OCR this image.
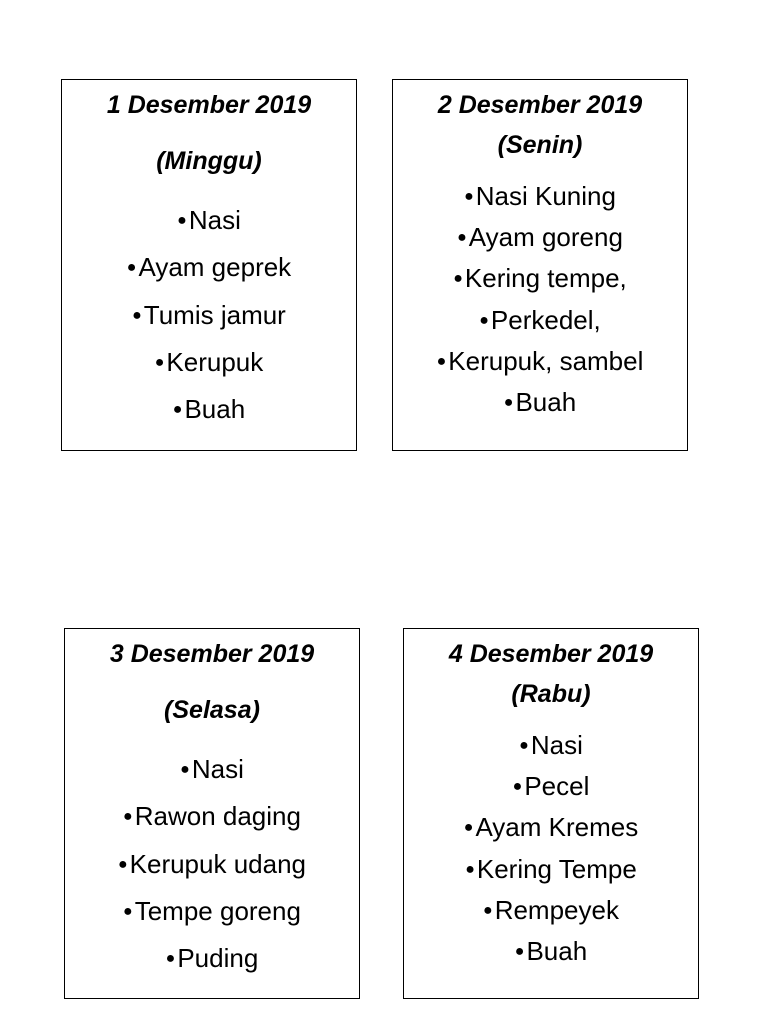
1 Desember 2019
(Minggu)
● Nasi
● Ayam geprek
● Tumis jamur
● Kerupuk
● Buah
2 Desember 2019
(Senin)
● Nasi Kuning
● Ayam goreng
● Kering tempe,
● Perkedel,
● Kerupuk, sambel
● Buah
3 Desember 2019
(Selasa)
● Nasi
● Rawon daging
● Kerupuk udang
● Tempe goreng
● Puding
4 Desember 2019
(Rabu)
● Nasi
● Pecel
● Ayam Kremes
● Kering Tempe
● Rempeyek
● Buah
